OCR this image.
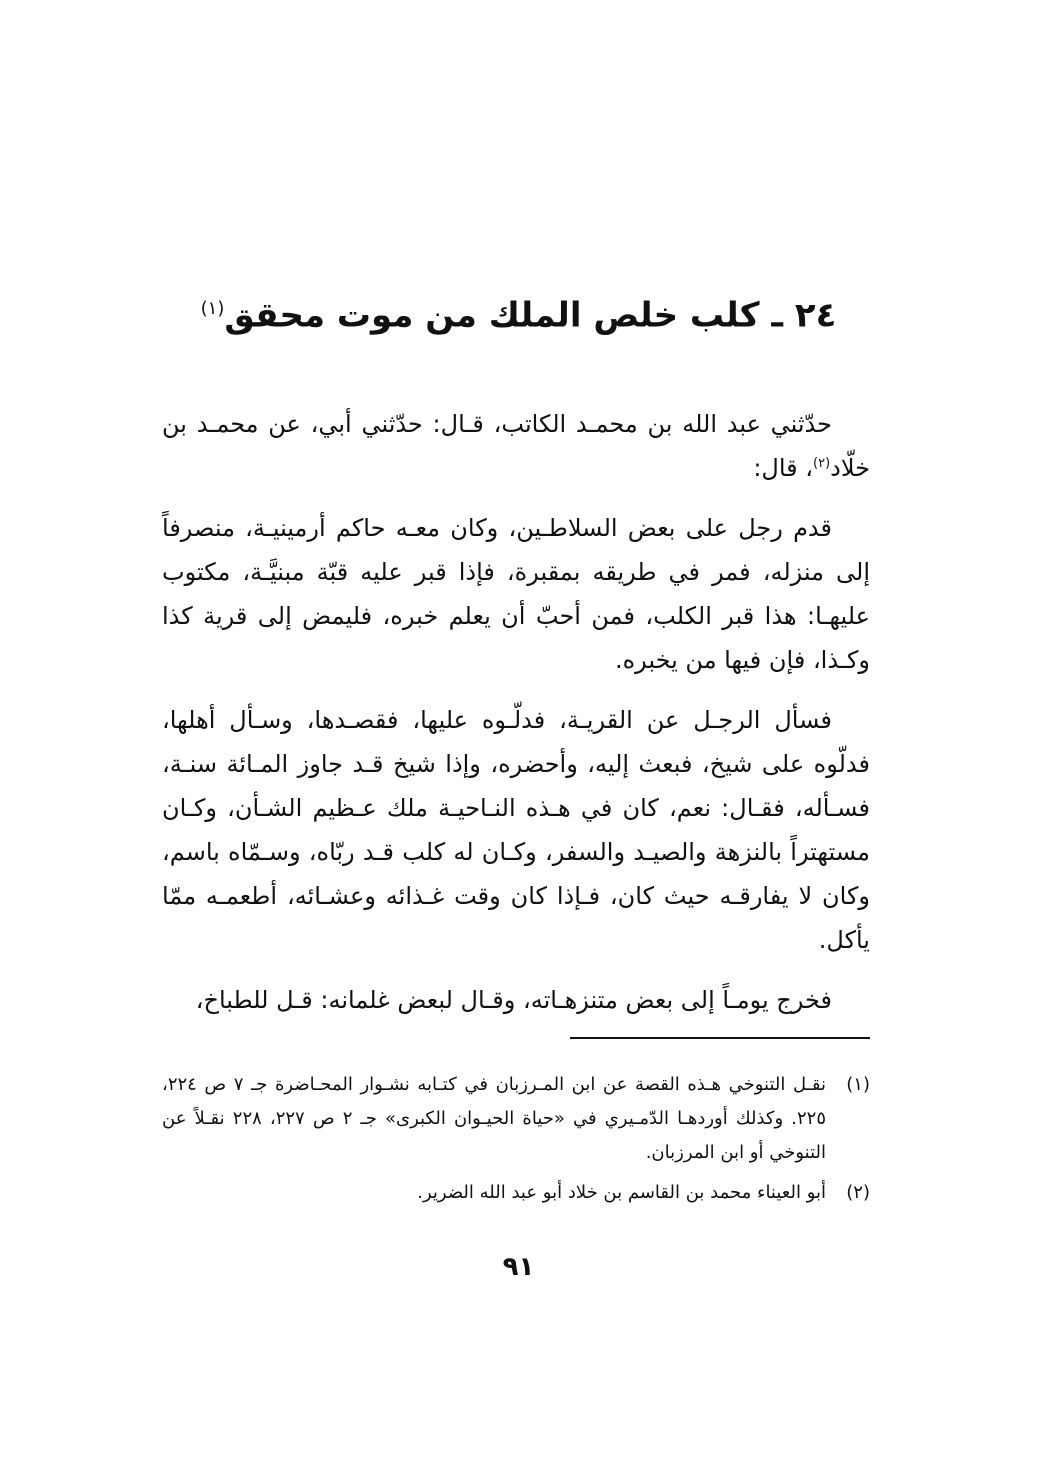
٢٤ ـ كلب خلص الملك من موت محقق$^{(١)}$

حدّثني عبد الله بن محمـد الكاتب، قـال: حدّثني أبي، عن محمـد بن خلّاد$^{(٢)}$، قال:

قدم رجل على بعض السلاطـين، وكان معـه حاكم أرمينيـة، منصرفاً إلى منزله، فمر في طريقه بمقبرة، فإذا قبر عليه قبّة مبنيَّـة، مكتوب عليهـا: هذا قبر الكلب، فمن أحبّ أن يعلم خبره، فليمض إلى قرية كذا وكـذا، فإن فيها من يخبره.

فسأل الرجـل عن القريـة، فدلّـوه عليها، فقصـدها، وسـأل أهلها، فدلّوه على شيخ، فبعث إليه، وأحضره، وإذا شيخ قـد جاوز المـائة سنـة، فسـأله، فقـال: نعم، كان في هـذه النـاحيـة ملك عـظيم الشـأن، وكـان مستهتراً بالنزهة والصيـد والسفر، وكـان له كلب قـد ربّاه، وسـمّاه باسم، وكان لا يفارقـه حيث كان، فـإذا كان وقت غـذائه وعشـائه، أطعمـه ممّا يأكل.

فخرج يومـاً إلى بعض متنزهـاته، وقـال لبعض غلمانه: قـل للطباخ،

(١)
نقـل التنوخي هـذه القصة عن ابن المـرزبان في كتـابه نشـوار المحـاضرة جـ ٧ ص ٢٢٤، ٢٢٥. وكذلك أوردهـا الدّمـيري في «حياة الحيـوان الكبرى» جـ ٢ ص ٢٢٧، ٢٢٨ نقـلاً عن التنوخي أو ابن المرزبان.
(٢)
أبو العيناء محمد بن القاسم بن خلاد أبو عبد الله الضرير.
٩١
